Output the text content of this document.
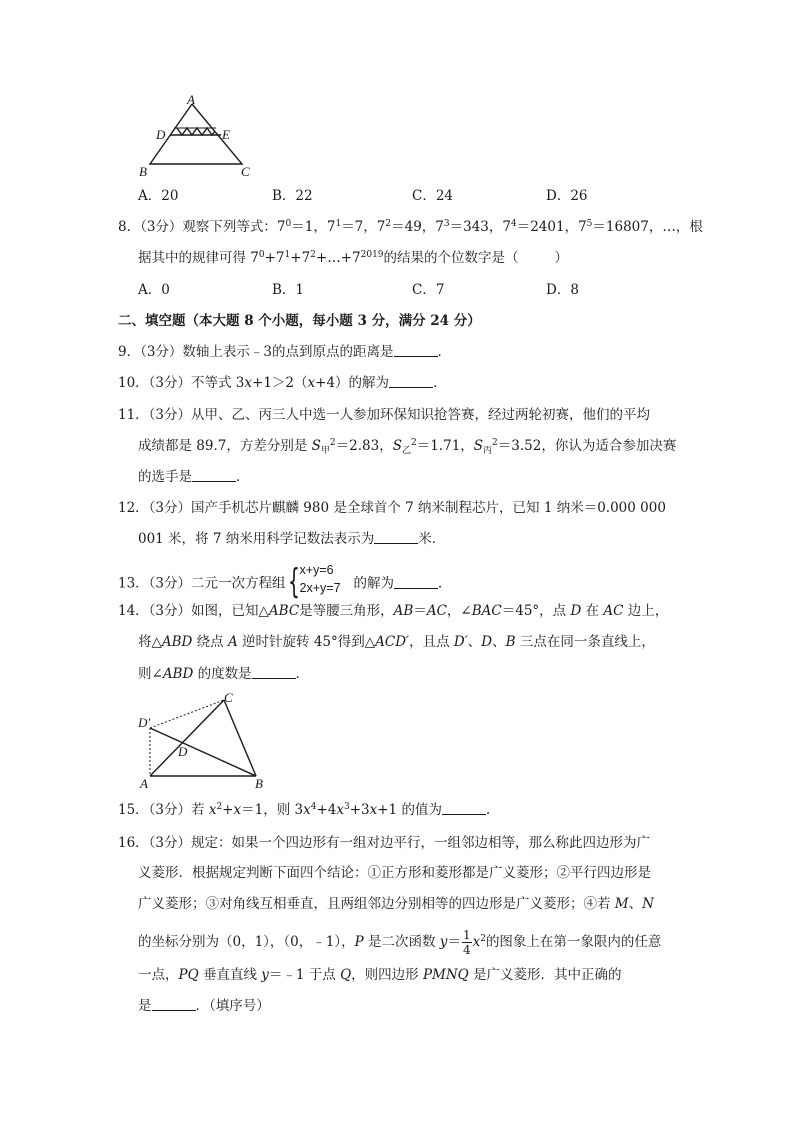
A
D	E
B	C
A．20	B．22	C．24	D．26
8．（3分）观察下列等式：$7^0=1$，$7^1=7$，$7^2=49$，$7^3=343$，$7^4=2401$，$7^5=16807$，…，根
据其中的规律可得 $7^0+7^1+7^2+\dots+7^{2019}$的结果的个位数字是（	）
A．0	B．1	C．7	D．8
二、填空题（本大题 8 个小题，每小题 3 分，满分 24 分）
9．（3分）数轴上表示﹣3的点到原点的距离是	．
10．（3分）不等式 3x+1＞2（x+4）的解为	．
11．（3分）从甲、乙、丙三人中选一人参加环保知识抢答赛，经过两轮初赛，他们的平均
成绩都是 89.7，方差分别是 $S_甲^2=2.83$，$S_乙^2=1.71$，$S_丙^2=3.52$，你认为适合参加决赛
的选手是	．
12．（3分）国产手机芯片麒麟 980 是全球首个 7 纳米制程芯片，已知 1 纳米＝0.000 000
001 米，将 7 纳米用科学记数法表示为	米．
13．（3分）二元一次方程组 { x+y=6
2x+y=7 的解为	．
14．（3分）如图，已知△ABC是等腰三角形，AB＝AC，∠BAC＝45°，点 D 在 AC 边上，
将△ABD 绕点 A 逆时针旋转 45°得到△ACD′，且点 D′、D、B 三点在同一条直线上，
则∠ABD 的度数是	．
C
D′
D
A	B
15．（3分）若 $x^2+x=1$，则 $3x^4+4x^3+3x+1$ 的值为	．
16．（3分）规定：如果一个四边形有一组对边平行，一组邻边相等，那么称此四边形为广
义菱形．根据规定判断下面四个结论：①正方形和菱形都是广义菱形；②平行四边形是
广义菱形；③对角线互相垂直，且两组邻边分别相等的四边形是广义菱形；④若 M、N
的坐标分别为（0，1），（0，﹣1），P 是二次函数 $y= \frac{1}{4} x^2$的图象上在第一象限内的任意
一点，PQ 垂直直线 y＝﹣1 于点 Q，则四边形 PMNQ 是广义菱形．其中正确的
是	．（填序号）
